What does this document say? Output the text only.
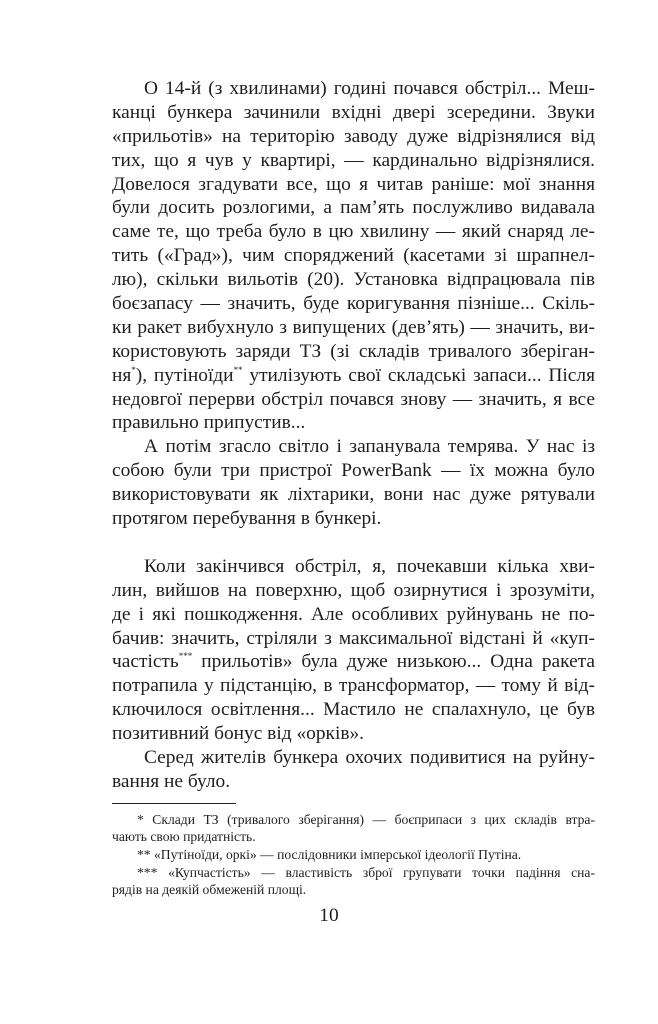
О 14-й (з хвилинами) годині почався обстріл... Меш-
канці бункера зачинили вхідні двері зсередини. Звуки
«прильотів» на територію заводу дуже відрізнялися від
тих, що я чув у квартирі, — кардинально відрізнялися.
Довелося згадувати все, що я читав раніше: мої знання
були досить розлогими, а пам’ять послужливо видавала
саме те, що треба було в цю хвилину — який снаряд ле-
тить («Град»), чим споряджений (касетами зі шрапнел-
лю), скільки вильотів (20). Установка відпрацювала пів
боєзапасу — значить, буде коригування пізніше... Скіль-
ки ракет вибухнуло з випущених (дев’ять) — значить, ви-
користовують заряди ТЗ (зі складів тривалого зберіган-
ня*), путіноїди** утилізують свої складські запаси... Після
недовгої перерви обстріл почався знову — значить, я все
правильно припустив...
А потім згасло світло і запанувала темрява. У нас із
собою були три пристрої PowerBank — їх можна було
використовувати як ліхтарики, вони нас дуже рятували
протягом перебування в бункері.
Коли закінчився обстріл, я, почекавши кілька хви-
лин, вийшов на поверхню, щоб озирнутися і зрозуміти,
де і які пошкодження. Але особливих руйнувань не по-
бачив: значить, стріляли з максимальної відстані й «куп-
частість*** прильотів» була дуже низькою... Одна ракета
потрапила у підстанцію, в трансформатор, — тому й від-
ключилося освітлення... Мастило не спалахнуло, це був
позитивний бонус від «орків».
Серед жителів бункера охочих подивитися на руйну-
вання не було.
* Склади ТЗ (тривалого зберігання) — боєприпаси з цих складів втра-
чають свою придатність.
** «Путіноїди, оркі» — послідовники імперської ідеології Путіна.
*** «Купчастість» — властивість зброї групувати точки падіння сна-
рядів на деякій обмеженій площі.
10
